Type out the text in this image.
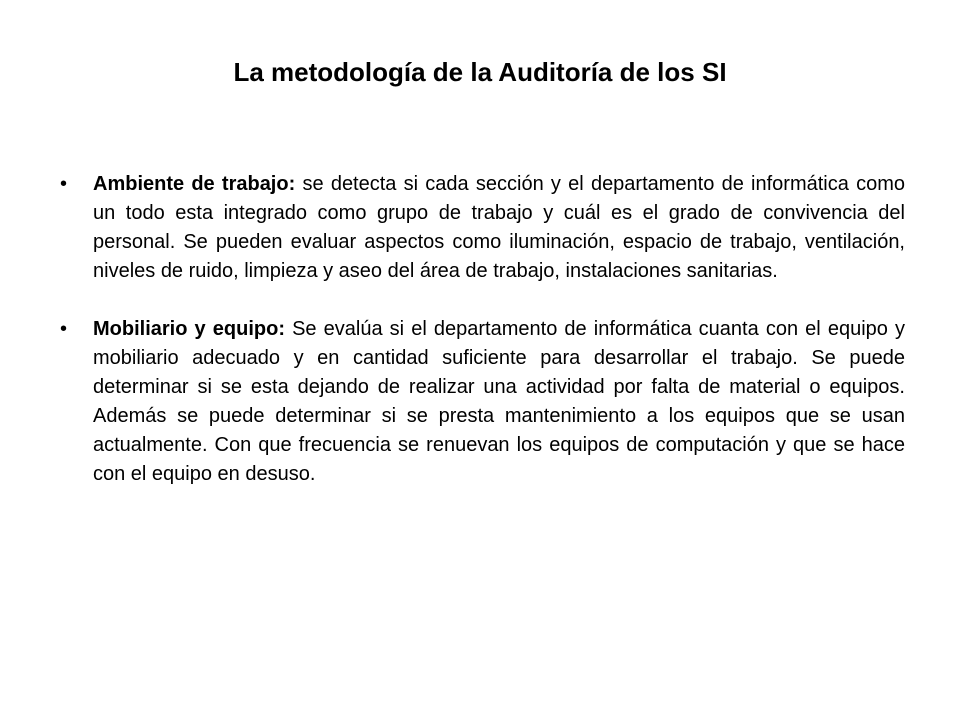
La metodología de la Auditoría de los SI
• Ambiente de trabajo: se detecta si cada sección y el departamento de informática como un todo esta integrado como grupo de trabajo y cuál es el grado de convivencia del personal. Se pueden evaluar aspectos como iluminación, espacio de trabajo, ventilación, niveles de ruido, limpieza y aseo del área de trabajo, instalaciones sanitarias.
• Mobiliario y equipo: Se evalúa si el departamento de informática cuanta con el equipo y mobiliario adecuado y en cantidad suficiente para desarrollar el trabajo. Se puede determinar si se esta dejando de realizar una actividad por falta de material o equipos. Además se puede determinar si se presta mantenimiento a los equipos que se usan actualmente. Con que frecuencia se renuevan los equipos de computación y que se hace con el equipo en desuso.
